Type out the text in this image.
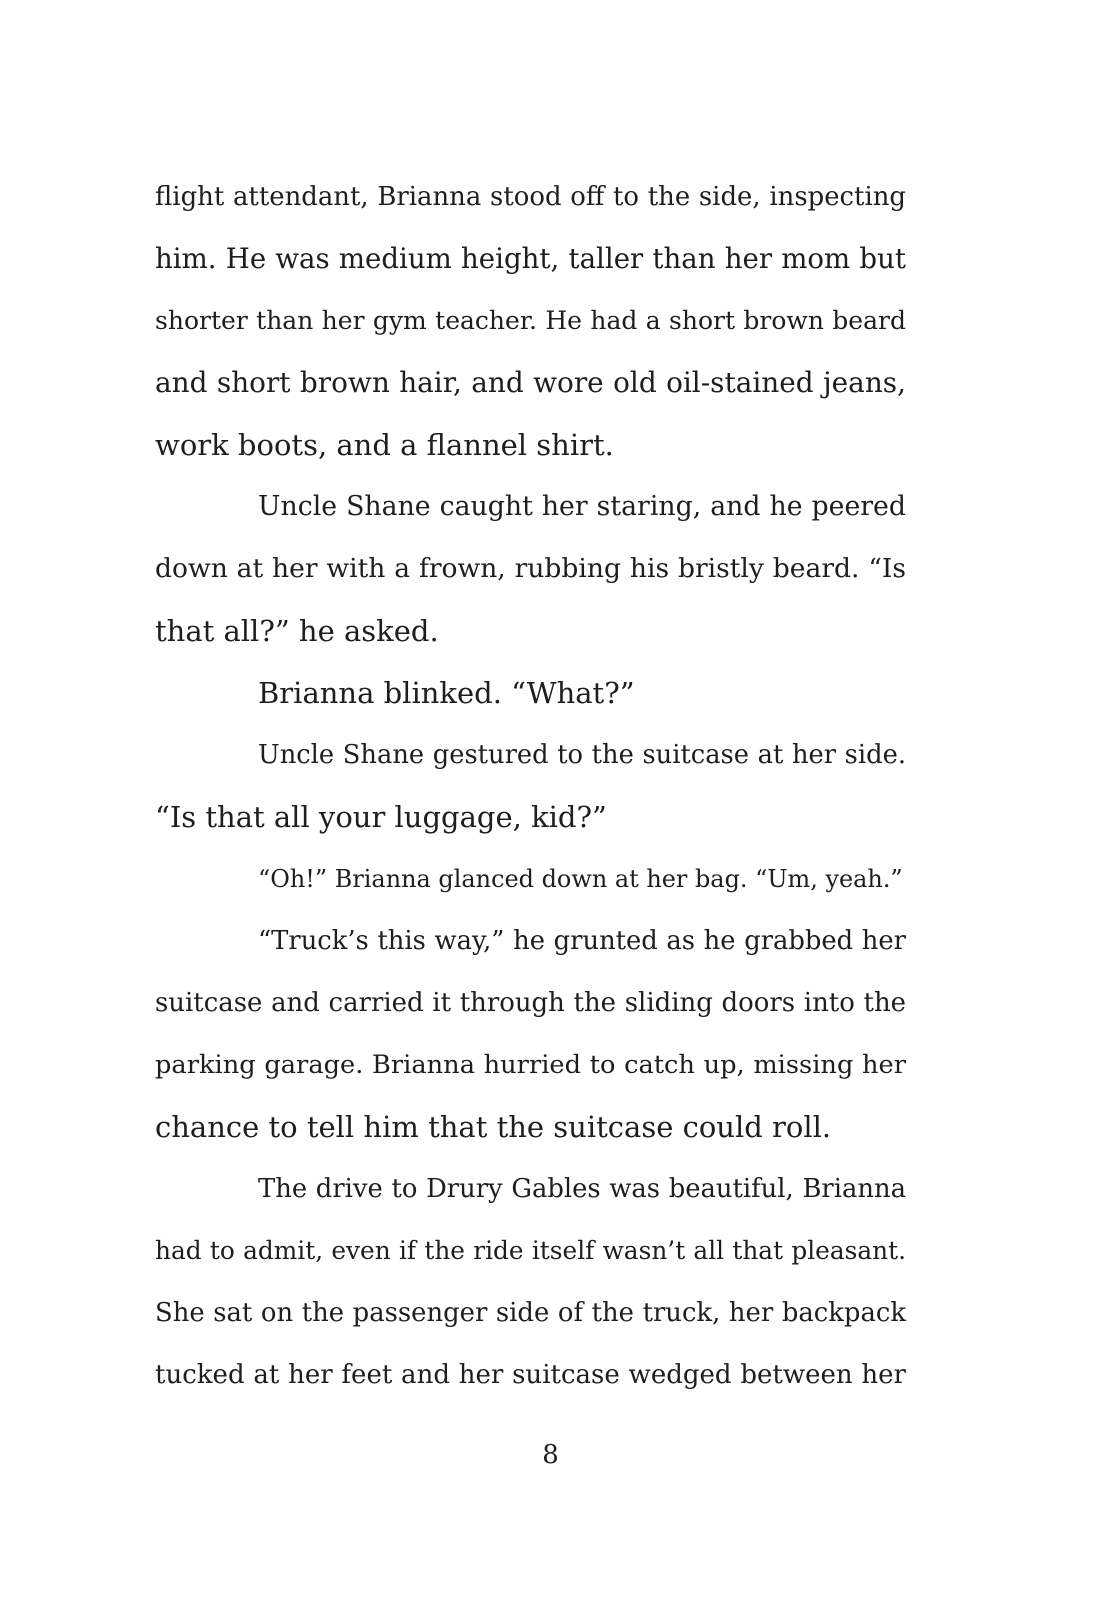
flight attendant, Brianna stood off to the side, inspecting
him. He was medium height, taller than her mom but
shorter than her gym teacher. He had a short brown beard
and short brown hair, and wore old oil-stained jeans,
work boots, and a flannel shirt.
Uncle Shane caught her staring, and he peered
down at her with a frown, rubbing his bristly beard. “Is
that all?” he asked.
Brianna blinked. “What?”
Uncle Shane gestured to the suitcase at her side.
“Is that all your luggage, kid?”
“Oh!” Brianna glanced down at her bag. “Um, yeah.”
“Truck’s this way,” he grunted as he grabbed her
suitcase and carried it through the sliding doors into the
parking garage. Brianna hurried to catch up, missing her
chance to tell him that the suitcase could roll.
The drive to Drury Gables was beautiful, Brianna
had to admit, even if the ride itself wasn’t all that pleasant.
She sat on the passenger side of the truck, her backpack
tucked at her feet and her suitcase wedged between her
8
